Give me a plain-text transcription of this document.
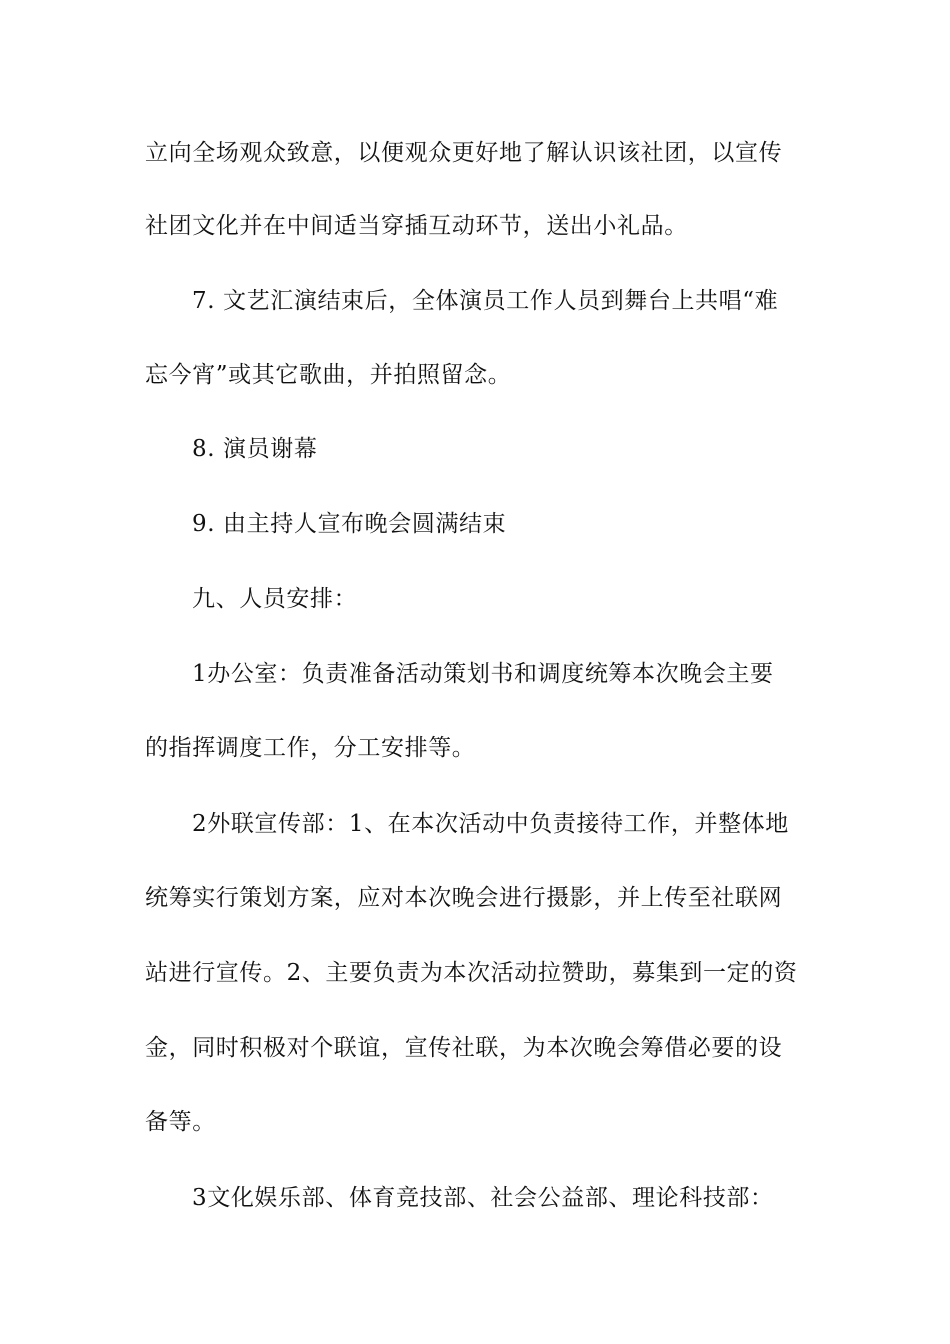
立向全场观众致意，以便观众更好地了解认识该社团，以宣传
社团文化并在中间适当穿插互动环节，送出小礼品。
7. 文艺汇演结束后，全体演员工作人员到舞台上共唱“难
忘今宵”或其它歌曲，并拍照留念。
8. 演员谢幕
9. 由主持人宣布晚会圆满结束
九、人员安排：
1办公室：负责准备活动策划书和调度统筹本次晚会主要
的指挥调度工作，分工安排等。
2外联宣传部：1、在本次活动中负责接待工作，并整体地
统筹实行策划方案，应对本次晚会进行摄影，并上传至社联网
站进行宣传。2、主要负责为本次活动拉赞助，募集到一定的资
金，同时积极对个联谊，宣传社联，为本次晚会筹借必要的设
备等。
3文化娱乐部、体育竞技部、社会公益部、理论科技部：
